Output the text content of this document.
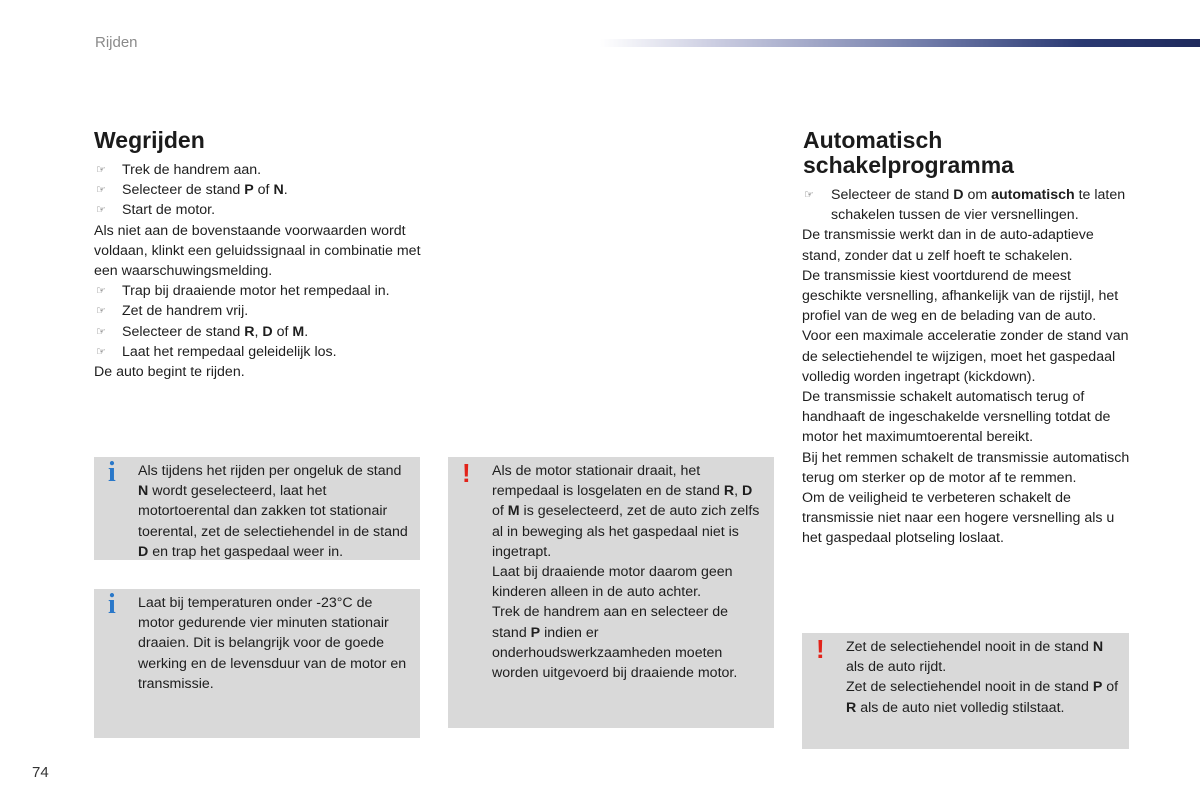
Rijden
Wegrijden
☞ Trek de handrem aan.
☞ Selecteer de stand P of N.
☞ Start de motor.
Als niet aan de bovenstaande voorwaarden wordt voldaan, klinkt een geluidssignaal in combinatie met een waarschuwingsmelding.
☞ Trap bij draaiende motor het rempedaal in.
☞ Zet de handrem vrij.
☞ Selecteer de stand R, D of M.
☞ Laat het rempedaal geleidelijk los.
De auto begint te rijden.
Automatisch schakelprogramma
☞ Selecteer de stand D om automatisch te laten schakelen tussen de vier versnellingen.
De transmissie werkt dan in de auto-adaptieve stand, zonder dat u zelf hoeft te schakelen.
De transmissie kiest voortdurend de meest geschikte versnelling, afhankelijk van de rijstijl, het profiel van de weg en de belading van de auto.
Voor een maximale acceleratie zonder de stand van de selectiehendel te wijzigen, moet het gaspedaal volledig worden ingetrapt (kickdown).
De transmissie schakelt automatisch terug of handhaaft de ingeschakelde versnelling totdat de motor het maximumtoerental bereikt.
Bij het remmen schakelt de transmissie automatisch terug om sterker op de motor af te remmen.
Om de veiligheid te verbeteren schakelt de transmissie niet naar een hogere versnelling als u het gaspedaal plotseling loslaat.
i Als tijdens het rijden per ongeluk de stand N wordt geselecteerd, laat het motortoerental dan zakken tot stationair toerental, zet de selectiehendel in de stand D en trap het gaspedaal weer in.
! Als de motor stationair draait, het rempedaal is losgelaten en de stand R, D of M is geselecteerd, zet de auto zich zelfs al in beweging als het gaspedaal niet is ingetrapt.
Laat bij draaiende motor daarom geen kinderen alleen in de auto achter.
Trek de handrem aan en selecteer de stand P indien er onderhoudswerkzaamheden moeten worden uitgevoerd bij draaiende motor.
i Laat bij temperaturen onder -23°C de motor gedurende vier minuten stationair draaien. Dit is belangrijk voor de goede werking en de levensduur van de motor en transmissie.
! Zet de selectiehendel nooit in de stand N als de auto rijdt.
Zet de selectiehendel nooit in de stand P of R als de auto niet volledig stilstaat.
74
